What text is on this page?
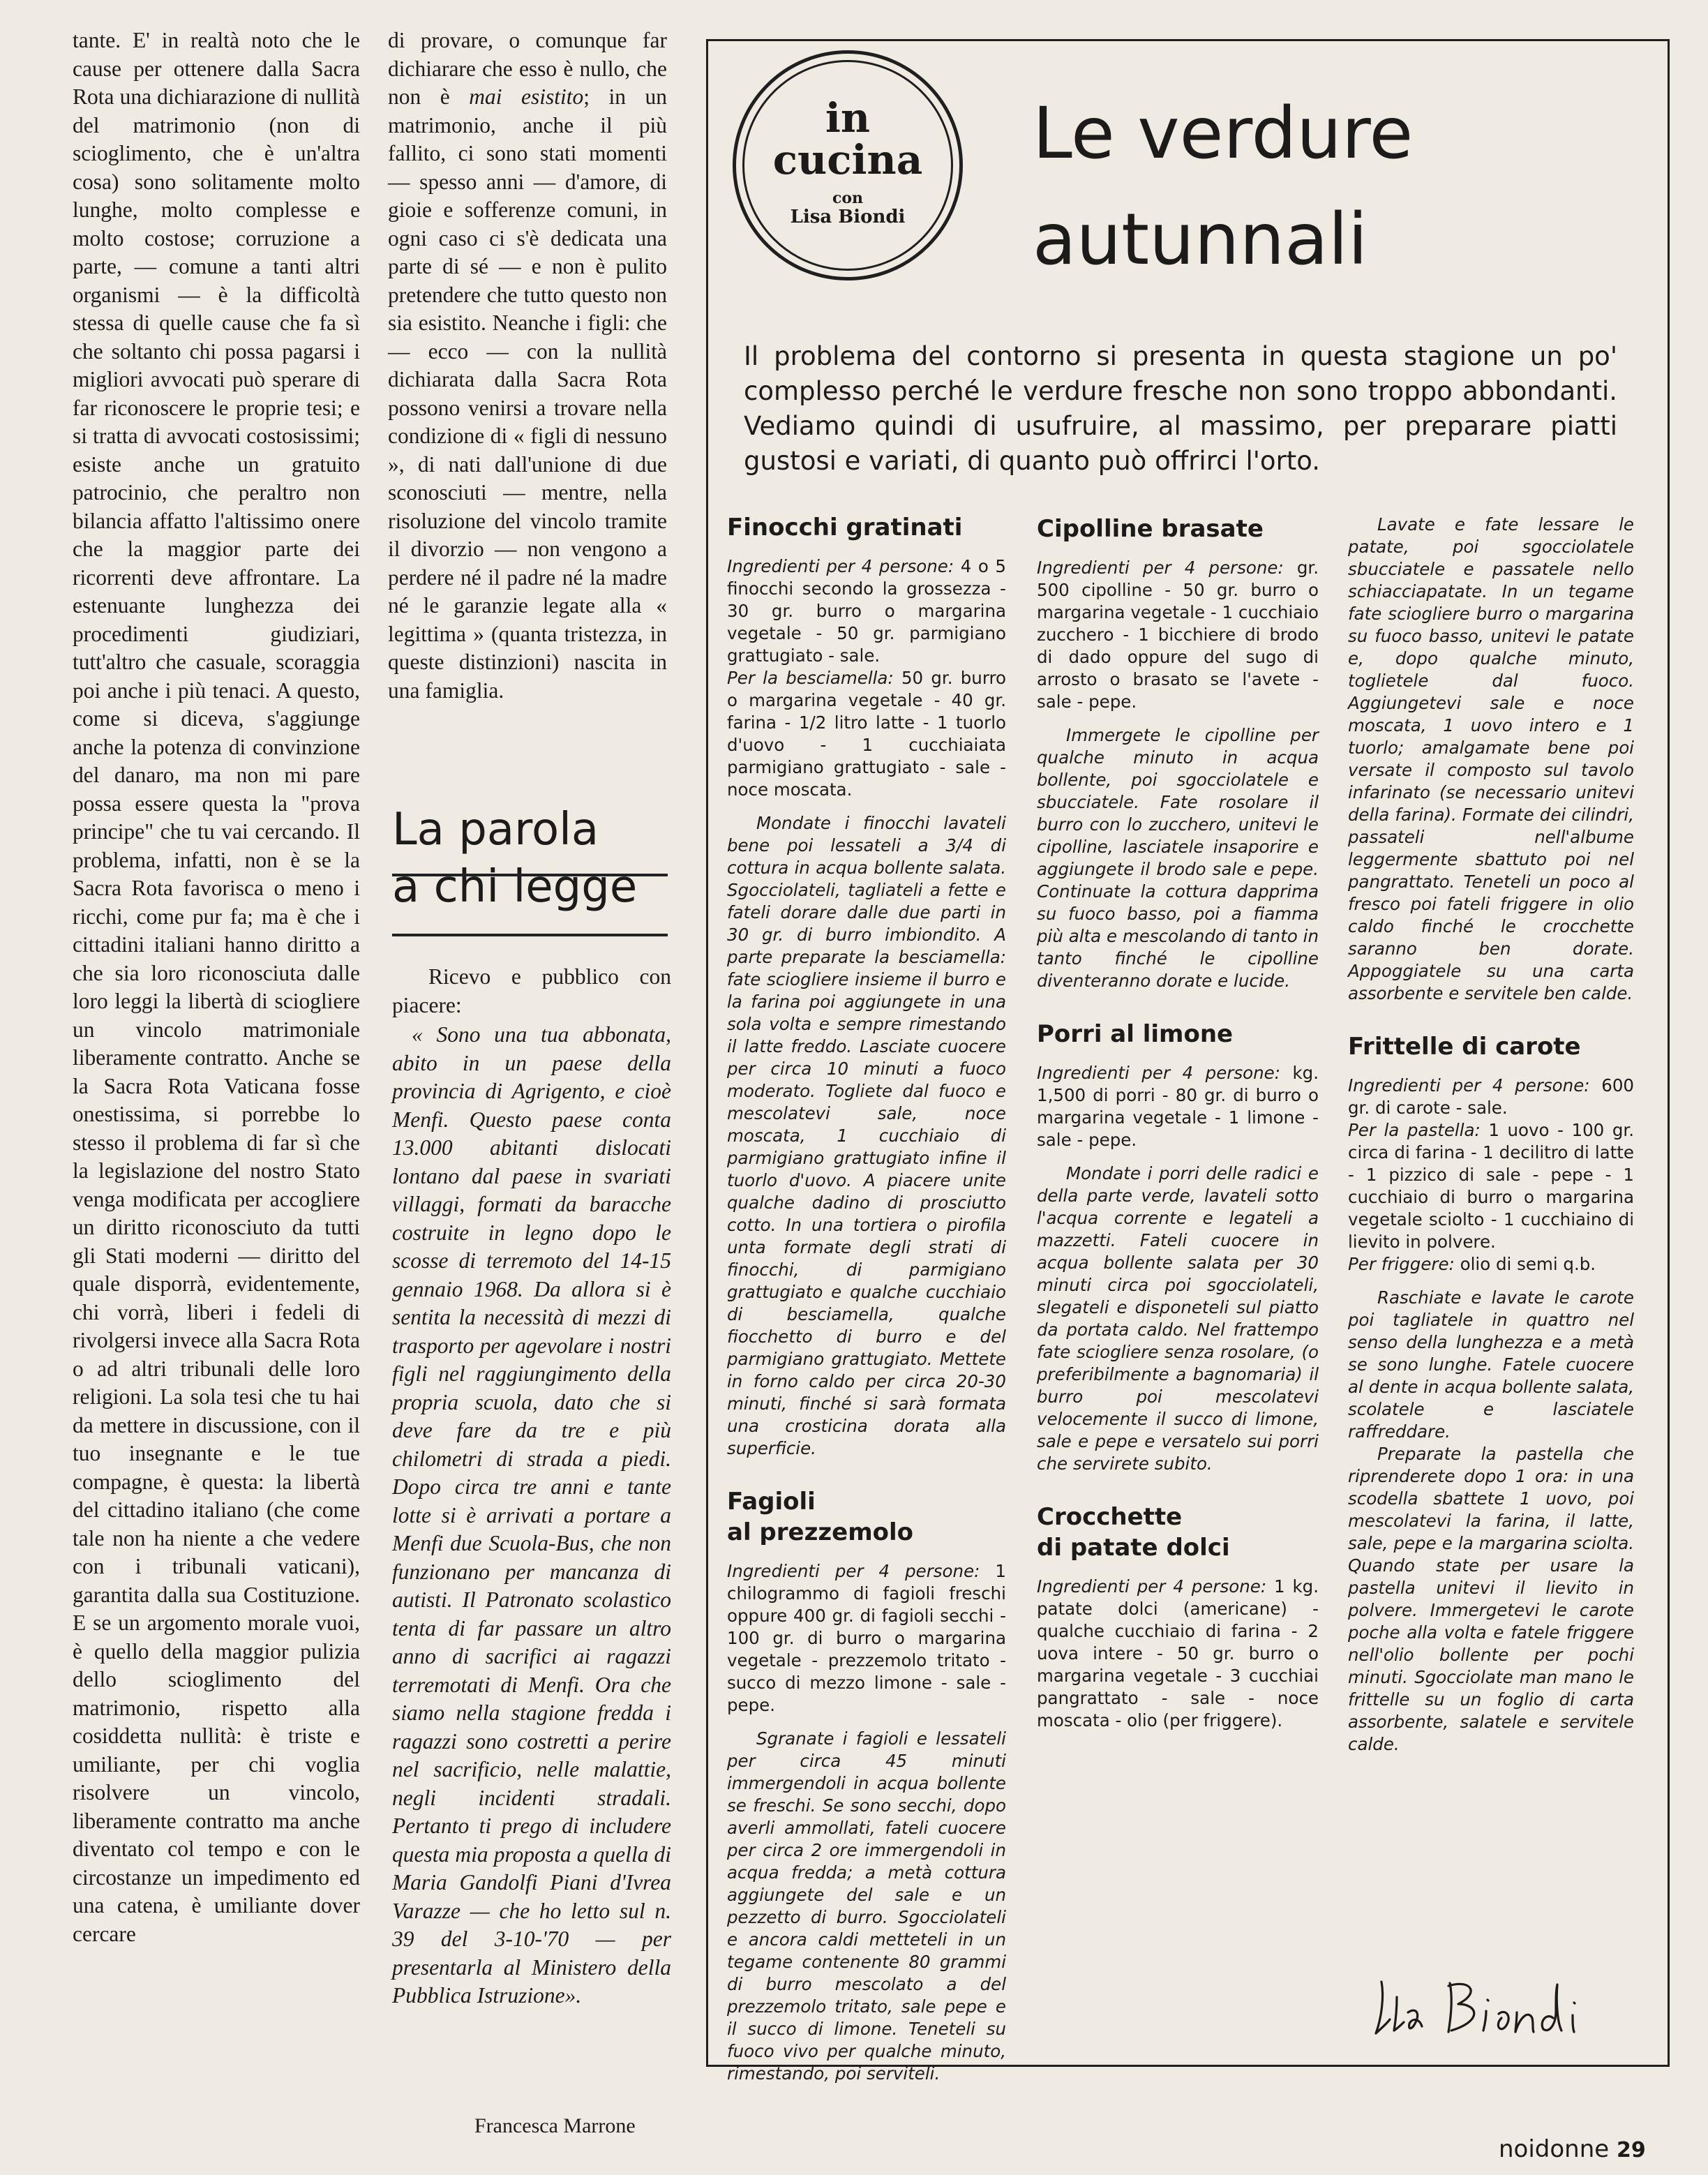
tante. E' in realtà noto che le cause per ottenere dalla Sacra Rota una dichiarazione di nullità del matrimonio (non di scioglimento, che è un'altra cosa) sono solitamente molto lunghe, molto complesse e molto costose; corruzione a parte, — comune a tanti altri organismi — è la difficoltà stessa di quelle cause che fa sì che soltanto chi possa pagarsi i migliori avvocati può sperare di far riconoscere le proprie tesi; e si tratta di avvocati costosissimi; esiste anche un gratuito patrocinio, che peraltro non bilancia affatto l'altissimo onere che la maggior parte dei ricorrenti deve affrontare. La estenuante lunghezza dei procedimenti giudiziari, tutt'altro che casuale, scoraggia poi anche i più tenaci. A questo, come si diceva, s'aggiunge anche la potenza di convinzione del danaro, ma non mi pare possa essere questa la "prova principe" che tu vai cercando. Il problema, infatti, non è se la Sacra Rota favorisca o meno i ricchi, come pur fa; ma è che i cittadini italiani hanno diritto a che sia loro riconosciuta dalle loro leggi la libertà di sciogliere un vincolo matrimoniale liberamente contratto. Anche se la Sacra Rota Vaticana fosse onestissima, si porrebbe lo stesso il problema di far sì che la legislazione del nostro Stato venga modificata per accogliere un diritto riconosciuto da tutti gli Stati moderni — diritto del quale disporrà, evidentemente, chi vorrà, liberi i fedeli di rivolgersi invece alla Sacra Rota o ad altri tribunali delle loro religioni. La sola tesi che tu hai da mettere in discussione, con il tuo insegnante e le tue compagne, è questa: la libertà del cittadino italiano (che come tale non ha niente a che vedere con i tribunali vaticani), garantita dalla sua Costituzione. E se un argomento morale vuoi, è quello della maggior pulizia dello scioglimento del matrimonio, rispetto alla cosiddetta nullità: è triste e umiliante, per chi voglia risolvere un vincolo, liberamente contratto ma anche diventato col tempo e con le circostanze un impedimento ed una catena, è umiliante dover cercare

di provare, o comunque far dichiarare che esso è nullo, che non è mai esistito; in un matrimonio, anche il più fallito, ci sono stati momenti — spesso anni — d'amore, di gioie e sofferenze comuni, in ogni caso ci s'è dedicata una parte di sé — e non è pulito pretendere che tutto questo non sia esistito. Neanche i figli: che — ecco — con la nullità dichiarata dalla Sacra Rota possono venirsi a trovare nella condizione di « figli di nessuno », di nati dall'unione di due sconosciuti — mentre, nella risoluzione del vincolo tramite il divorzio — non vengono a perdere né il padre né la madre né le garanzie legate alla « legittima » (quanta tristezza, in queste distinzioni) nascita in una famiglia.

La parola
a chi legge

Ricevo e pubblico con piacere:

« Sono una tua abbonata, abito in un paese della provincia di Agrigento, e cioè Menfi. Questo paese conta 13.000 abitanti dislocati lontano dal paese in svariati villaggi, formati da baracche costruite in legno dopo le scosse di terremoto del 14-15 gennaio 1968. Da allora si è sentita la necessità di mezzi di trasporto per agevolare i nostri figli nel raggiungimento della propria scuola, dato che si deve fare da tre e più chilometri di strada a piedi. Dopo circa tre anni e tante lotte si è arrivati a portare a Menfi due Scuola-Bus, che non funzionano per mancanza di autisti. Il Patronato scolastico tenta di far passare un altro anno di sacrifici ai ragazzi terremotati di Menfi. Ora che siamo nella stagione fredda i ragazzi sono costretti a perire nel sacrificio, nelle malattie, negli incidenti stradali. Pertanto ti prego di includere questa mia proposta a quella di Maria Gandolfi Piani d'Ivrea Varazze — che ho letto sul n. 39 del 3-10-'70 — per presentarla al Ministero della Pubblica Istruzione».

Francesca Marrone
in
cucina
con
Lisa Biondi
Le verdure
autunnali
Il problema del contorno si presenta in questa stagione un po' complesso perché le verdure fresche non sono troppo abbondanti. Vediamo quindi di usufruire, al massimo, per preparare piatti gustosi e variati, di quanto può offrirci l'orto.
Finocchi gratinati

Ingredienti per 4 persone: 4 o 5 finocchi secondo la grossezza - 30 gr. burro o margarina vegetale - 50 gr. parmigiano grattugiato - sale.

Per la besciamella: 50 gr. burro o margarina vegetale - 40 gr. farina - 1/2 litro latte - 1 tuorlo d'uovo - 1 cucchiaiata parmigiano grattugiato - sale - noce moscata.

Mondate i finocchi lavateli bene poi lessateli a 3/4 di cottura in acqua bollente salata. Sgocciolateli, tagliateli a fette e fateli dorare dalle due parti in 30 gr. di burro imbiondito. A parte preparate la besciamella: fate sciogliere insieme il burro e la farina poi aggiungete in una sola volta e sempre rimestando il latte freddo. Lasciate cuocere per circa 10 minuti a fuoco moderato. Togliete dal fuoco e mescolatevi sale, noce moscata, 1 cucchiaio di parmigiano grattugiato infine il tuorlo d'uovo. A piacere unite qualche dadino di prosciutto cotto. In una tortiera o pirofila unta formate degli strati di finocchi, di parmigiano grattugiato e qualche cucchiaio di besciamella, qualche fiocchetto di burro e del parmigiano grattugiato. Mettete in forno caldo per circa 20-30 minuti, finché si sarà formata una crosticina dorata alla superficie.

Fagioli
al prezzemolo

Ingredienti per 4 persone: 1 chilogrammo di fagioli freschi oppure 400 gr. di fagioli secchi - 100 gr. di burro o margarina vegetale - prezzemolo tritato - succo di mezzo limone - sale - pepe.

Sgranate i fagioli e lessateli per circa 45 minuti immergendoli in acqua bollente se freschi. Se sono secchi, dopo averli ammollati, fateli cuocere per circa 2 ore immergendoli in acqua fredda; a metà cottura aggiungete del sale e un pezzetto di burro. Sgocciolateli e ancora caldi metteteli in un tegame contenente 80 grammi di burro mescolato a del prezzemolo tritato, sale pepe e il succo di limone. Teneteli su fuoco vivo per qualche minuto, rimestando, poi serviteli.

Cipolline brasate

Ingredienti per 4 persone: gr. 500 cipolline - 50 gr. burro o margarina vegetale - 1 cucchiaio zucchero - 1 bicchiere di brodo di dado oppure del sugo di arrosto o brasato se l'avete - sale - pepe.

Immergete le cipolline per qualche minuto in acqua bollente, poi sgocciolatele e sbucciatele. Fate rosolare il burro con lo zucchero, unitevi le cipolline, lasciatele insaporire e aggiungete il brodo sale e pepe. Continuate la cottura dapprima su fuoco basso, poi a fiamma più alta e mescolando di tanto in tanto finché le cipolline diventeranno dorate e lucide.

Porri al limone

Ingredienti per 4 persone: kg. 1,500 di porri - 80 gr. di burro o margarina vegetale - 1 limone - sale - pepe.

Mondate i porri delle radici e della parte verde, lavateli sotto l'acqua corrente e legateli a mazzetti. Fateli cuocere in acqua bollente salata per 30 minuti circa poi sgocciolateli, slegateli e disponeteli sul piatto da portata caldo. Nel frattempo fate sciogliere senza rosolare, (o preferibilmente a bagnomaria) il burro poi mescolatevi velocemente il succo di limone, sale e pepe e versatelo sui porri che servirete subito.

Crocchette
di patate dolci

Ingredienti per 4 persone: 1 kg. patate dolci (americane) - qualche cucchiaio di farina - 2 uova intere - 50 gr. burro o margarina vegetale - 3 cucchiai pangrattato - sale - noce moscata - olio (per friggere).

Lavate e fate lessare le patate, poi sgocciolatele sbucciatele e passatele nello schiacciapatate. In un tegame fate sciogliere burro o margarina su fuoco basso, unitevi le patate e, dopo qualche minuto, toglietele dal fuoco. Aggiungetevi sale e noce moscata, 1 uovo intero e 1 tuorlo; amalgamate bene poi versate il composto sul tavolo infarinato (se necessario unitevi della farina). Formate dei cilindri, passateli nell'albume leggermente sbattuto poi nel pangrattato. Teneteli un poco al fresco poi fateli friggere in olio caldo finché le crocchette saranno ben dorate. Appoggiatele su una carta assorbente e servitele ben calde.

Frittelle di carote

Ingredienti per 4 persone: 600 gr. di carote - sale.

Per la pastella: 1 uovo - 100 gr. circa di farina - 1 decilitro di latte - 1 pizzico di sale - pepe - 1 cucchiaio di burro o margarina vegetale sciolto - 1 cucchiaino di lievito in polvere.

Per friggere: olio di semi q.b.

Raschiate e lavate le carote poi tagliatele in quattro nel senso della lunghezza e a metà se sono lunghe. Fatele cuocere al dente in acqua bollente salata, scolatele e lasciatele raffreddare.

Preparate la pastella che riprenderete dopo 1 ora: in una scodella sbattete 1 uovo, poi mescolatevi la farina, il latte, sale, pepe e la margarina sciolta. Quando state per usare la pastella unitevi il lievito in polvere. Immergetevi le carote poche alla volta e fatele friggere nell'olio bollente per pochi minuti. Sgocciolate man mano le frittelle su un foglio di carta assorbente, salatele e servitele calde.

noidonne 29
